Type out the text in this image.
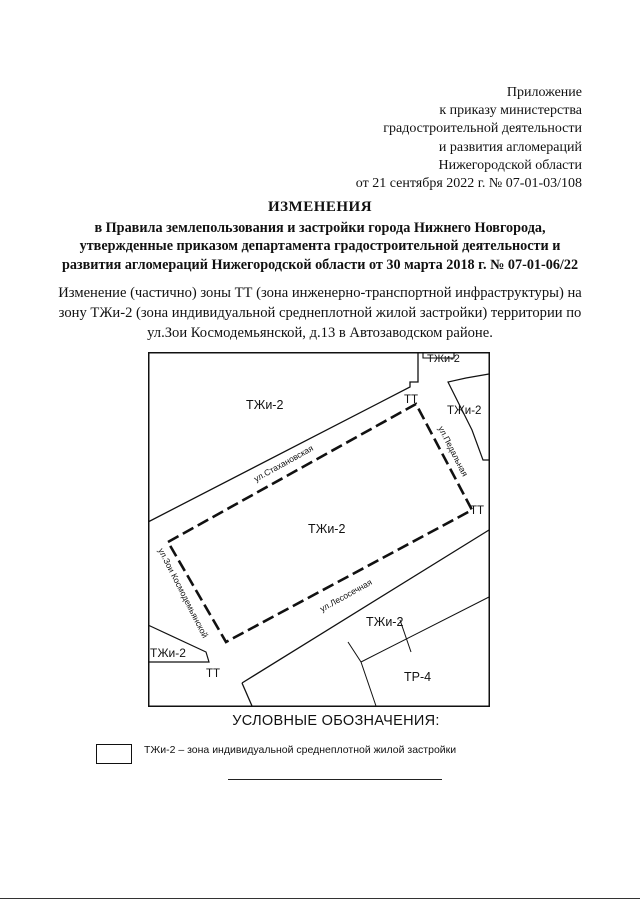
Приложение
к приказу министерства
градостроительной деятельности
и развития агломераций
Нижегородской области
от 21 сентября 2022 г. № 07-01-03/108
ИЗМЕНЕНИЯ
в Правила землепользования и застройки города Нижнего Новгорода,
утвержденные приказом департамента градостроительной деятельности и
развития агломераций Нижегородской области от 30 марта 2018 г. № 07-01-06/22
Изменение (частично) зоны ТТ (зона инженерно-транспортной инфраструктуры) на
зону ТЖи-2 (зона индивидуальной среднеплотной жилой застройки) территории по
ул.Зои Космодемьянской, д.13 в Автозаводском районе.
ТЖи-2
ТЖи-2
ТЖи-2
ТТ
ТТ
ТЖи-2
ТЖи-2
ТЖи-2
ТТ	ТР-4
ул.Стахановская	ул.Педальная
ул.Зои Космодемьянской	ул.Лесосечная
УСЛОВНЫЕ ОБОЗНАЧЕНИЯ:
ТЖи-2 – зона индивидуальной среднеплотной жилой застройки
